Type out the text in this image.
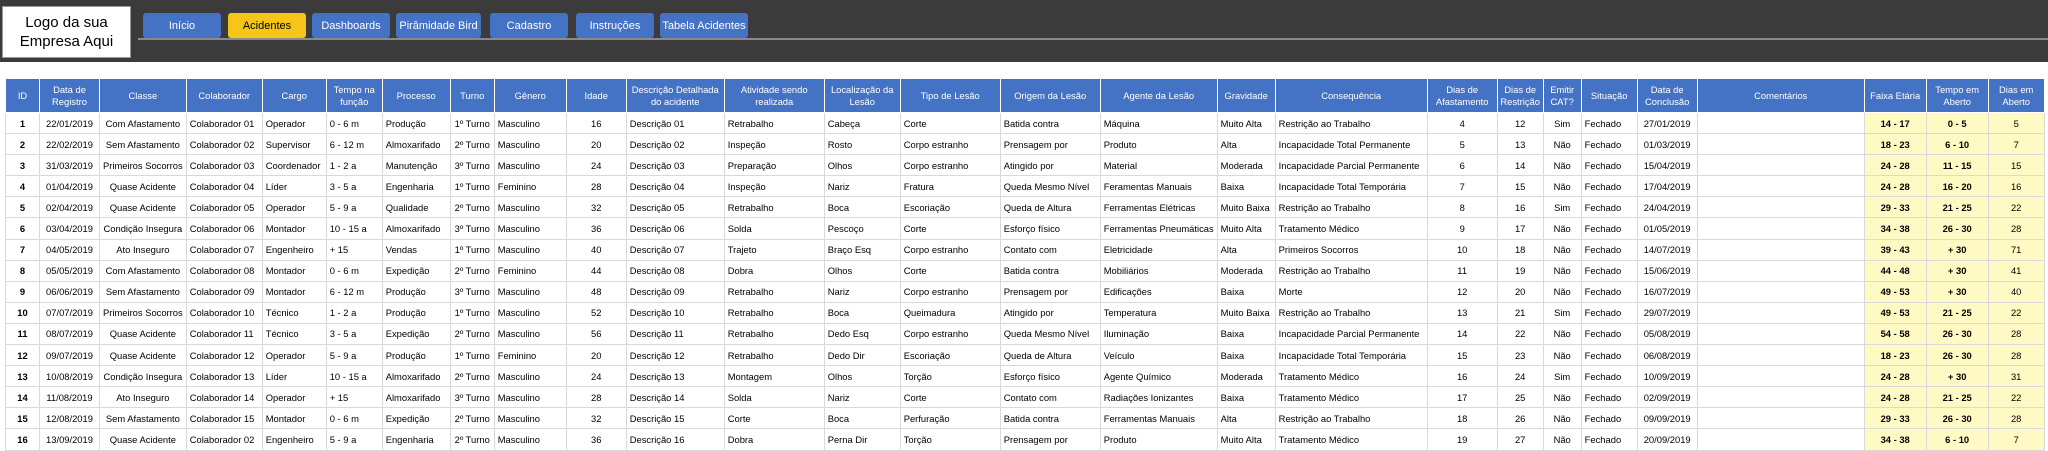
Logo da sua
Empresa Aqui
Início	Acidentes	Dashboards	Pirâmidade Bird	Cadastro	Instruções	Tabela Acidentes
ID	Data de Registro	Classe	Colaborador	Cargo	Tempo na função	Processo	Turno	Gênero	Idade	Descrição Detalhada do acidente	Atividade sendo realizada	Localização da Lesão	Tipo de Lesão	Origem da Lesão	Agente da Lesão	Gravidade	Consequência	Dias de Afastamento	Dias de Restrição	Emitir CAT?	Situação	Data de Conclusão	Comentários	Faixa Etária	Tempo em Aberto	Dias em Aberto
1	22/01/2019	Com Afastamento	Colaborador 01	Operador	0 - 6 m	Produção	1º Turno	Masculino	16	Descrição 01	Retrabalho	Cabeça	Corte	Batida contra	Máquina	Muito Alta	Restrição ao Trabalho	4	12	Sim	Fechado	27/01/2019		14 - 17	0 - 5	5
2	22/02/2019	Sem Afastamento	Colaborador 02	Supervisor	6 - 12 m	Almoxarifado	2º Turno	Masculino	20	Descrição 02	Inspeção	Rosto	Corpo estranho	Prensagem por	Produto	Alta	Incapacidade Total Permanente	5	13	Não	Fechado	01/03/2019		18 - 23	6 - 10	7
3	31/03/2019	Primeiros Socorros	Colaborador 03	Coordenador	1 - 2 a	Manutenção	3º Turno	Masculino	24	Descrição 03	Preparação	Olhos	Corpo estranho	Atingido por	Material	Moderada	Incapacidade Parcial Permanente	6	14	Não	Fechado	15/04/2019		24 - 28	11 - 15	15
4	01/04/2019	Quase Acidente	Colaborador 04	Líder	3 - 5 a	Engenharia	1º Turno	Feminino	28	Descrição 04	Inspeção	Nariz	Fratura	Queda Mesmo Nível	Feramentas Manuais	Baixa	Incapacidade Total Temporária	7	15	Não	Fechado	17/04/2019		24 - 28	16 - 20	16
5	02/04/2019	Quase Acidente	Colaborador 05	Operador	5 - 9 a	Qualidade	2º Turno	Masculino	32	Descrição 05	Retrabalho	Boca	Escoriação	Queda de Altura	Ferramentas Elétricas	Muito Baixa	Restrição ao Trabalho	8	16	Sim	Fechado	24/04/2019		29 - 33	21 - 25	22
6	03/04/2019	Condição Insegura	Colaborador 06	Montador	10 - 15 a	Almoxarifado	3º Turno	Masculino	36	Descrição 06	Solda	Pescoço	Corte	Esforço físico	Ferramentas Pneumáticas	Muito Alta	Tratamento Médico	9	17	Não	Fechado	01/05/2019		34 - 38	26 - 30	28
7	04/05/2019	Ato Inseguro	Colaborador 07	Engenheiro	+ 15	Vendas	1º Turno	Masculino	40	Descrição 07	Trajeto	Braço Esq	Corpo estranho	Contato com	Eletricidade	Alta	Primeiros Socorros	10	18	Não	Fechado	14/07/2019		39 - 43	+ 30	71
8	05/05/2019	Com Afastamento	Colaborador 08	Montador	0 - 6 m	Expedição	2º Turno	Feminino	44	Descrição 08	Dobra	Olhos	Corte	Batida contra	Mobiliários	Moderada	Restrição ao Trabalho	11	19	Não	Fechado	15/06/2019		44 - 48	+ 30	41
9	06/06/2019	Sem Afastamento	Colaborador 09	Montador	6 - 12 m	Produção	3º Turno	Masculino	48	Descrição 09	Retrabalho	Nariz	Corpo estranho	Prensagem por	Edificações	Baixa	Morte	12	20	Não	Fechado	16/07/2019		49 - 53	+ 30	40
10	07/07/2019	Primeiros Socorros	Colaborador 10	Técnico	1 - 2 a	Produção	1º Turno	Masculino	52	Descrição 10	Retrabalho	Boca	Queimadura	Atingido por	Temperatura	Muito Baixa	Restrição ao Trabalho	13	21	Sim	Fechado	29/07/2019		49 - 53	21 - 25	22
11	08/07/2019	Quase Acidente	Colaborador 11	Técnico	3 - 5 a	Expedição	2º Turno	Masculino	56	Descrição 11	Retrabalho	Dedo Esq	Corpo estranho	Queda Mesmo Nível	Iluminação	Baixa	Incapacidade Parcial Permanente	14	22	Não	Fechado	05/08/2019		54 - 58	26 - 30	28
12	09/07/2019	Quase Acidente	Colaborador 12	Operador	5 - 9 a	Produção	1º Turno	Feminino	20	Descrição 12	Retrabalho	Dedo Dir	Escoriação	Queda de Altura	Veículo	Baixa	Incapacidade Total Temporária	15	23	Não	Fechado	06/08/2019		18 - 23	26 - 30	28
13	10/08/2019	Condição Insegura	Colaborador 13	Líder	10 - 15 a	Almoxarifado	2º Turno	Masculino	24	Descrição 13	Montagem	Olhos	Torção	Esforço físico	Agente Químico	Moderada	Tratamento Médico	16	24	Sim	Fechado	10/09/2019		24 - 28	+ 30	31
14	11/08/2019	Ato Inseguro	Colaborador 14	Operador	+ 15	Almoxarifado	3º Turno	Masculino	28	Descrição 14	Solda	Nariz	Corte	Contato com	Radiações Ionizantes	Baixa	Tratamento Médico	17	25	Não	Fechado	02/09/2019		24 - 28	21 - 25	22
15	12/08/2019	Sem Afastamento	Colaborador 15	Montador	0 - 6 m	Expedição	2º Turno	Masculino	32	Descrição 15	Corte	Boca	Perfuração	Batida contra	Ferramentas Manuais	Alta	Restrição ao Trabalho	18	26	Não	Fechado	09/09/2019		29 - 33	26 - 30	28
16	13/09/2019	Quase Acidente	Colaborador 02	Engenheiro	5 - 9 a	Engenharia	2º Turno	Masculino	36	Descrição 16	Dobra	Perna Dir	Torção	Prensagem por	Produto	Muito Alta	Tratamento Médico	19	27	Não	Fechado	20/09/2019		34 - 38	6 - 10	7
